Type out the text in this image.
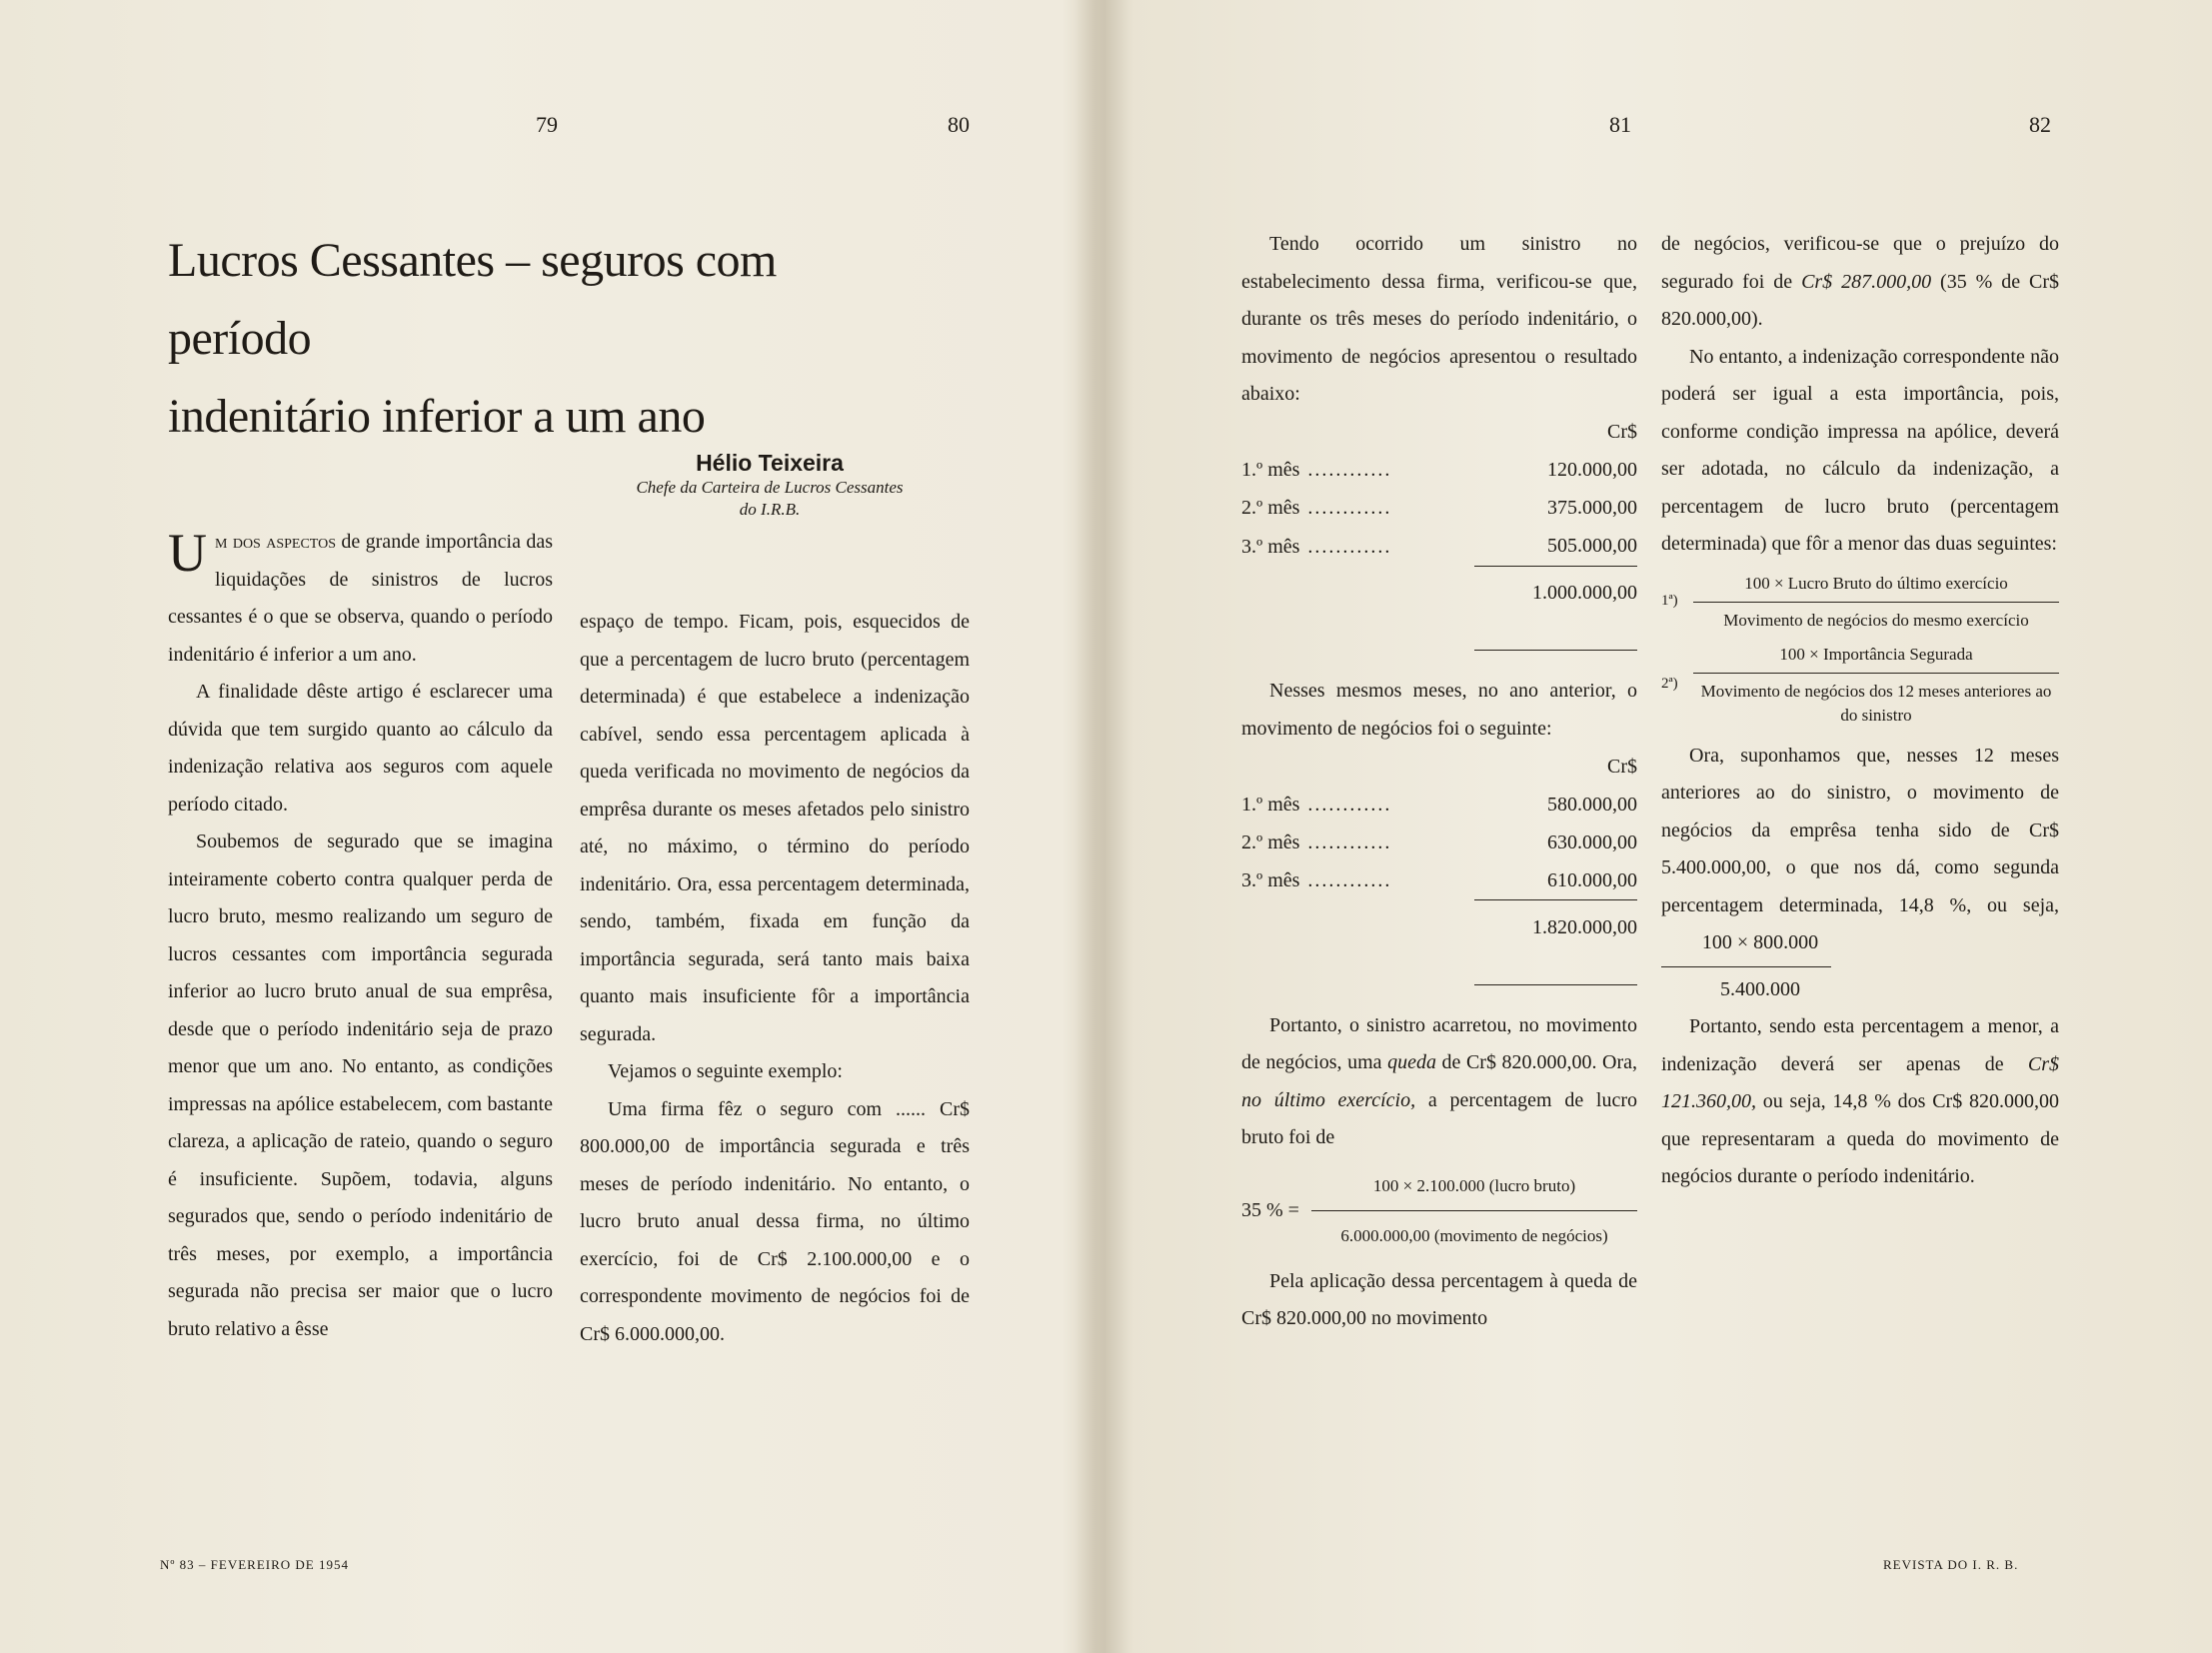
79	80	81	82
Lucros Cessantes – seguros com período
indenitário inferior a um ano
Hélio Teixeira
Chefe da Carteira de Lucros Cessantes
do I.R.B.

Um dos aspectos de grande importância das liquidações de sinistros de lucros cessantes é o que se observa, quando o período indenitário é inferior a um ano.

A finalidade dêste artigo é esclarecer uma dúvida que tem surgido quanto ao cálculo da indenização relativa aos seguros com aquele período citado.

Soubemos de segurado que se imagina inteiramente coberto contra qualquer perda de lucro bruto, mesmo realizando um seguro de lucros cessantes com importância segurada inferior ao lucro bruto anual de sua emprêsa, desde que o período indenitário seja de prazo menor que um ano. No entanto, as condições impressas na apólice estabelecem, com bastante clareza, a aplicação de rateio, quando o seguro é insuficiente. Supõem, todavia, alguns segurados que, sendo o período indenitário de três meses, por exemplo, a importância segurada não precisa ser maior que o lucro bruto relativo a êsse

espaço de tempo. Ficam, pois, esquecidos de que a percentagem de lucro bruto (percentagem determinada) é que estabelece a indenização cabível, sendo essa percentagem aplicada à queda verificada no movimento de negócios da emprêsa durante os meses afetados pelo sinistro até, no máximo, o término do período indenitário. Ora, essa percentagem determinada, sendo, também, fixada em função da importância segurada, será tanto mais baixa quanto mais insuficiente fôr a importância segurada.

Vejamos o seguinte exemplo:

Uma firma fêz o seguro com ...... Cr$ 800.000,00 de importância segurada e três meses de período indenitário. No entanto, o lucro bruto anual dessa firma, no último exercício, foi de Cr$ 2.100.000,00 e o correspondente movimento de negócios foi de Cr$ 6.000.000,00.

Tendo ocorrido um sinistro no estabelecimento dessa firma, verificou-se que, durante os três meses do período indenitário, o movimento de negócios apresentou o resultado abaixo:

	Cr$
1.º mês ............	120.000,00
2.º mês ............	375.000,00
3.º mês ............	505.000,00
	1.000.000,00

Nesses mesmos meses, no ano anterior, o movimento de negócios foi o seguinte:

	Cr$
1.º mês ............	580.000,00
2.º mês ............	630.000,00
3.º mês ............	610.000,00
	1.820.000,00

Portanto, o sinistro acarretou, no movimento de negócios, uma queda de Cr$ 820.000,00. Ora, no último exercício, a percentagem de lucro bruto foi de

35 % = $\frac{\text{100 × 2.100.000 (lucro bruto)}}{\text{6.000.000,00 (movimento de negócios)}}$

Pela aplicação dessa percentagem à queda de Cr$ 820.000,00 no movimento

de negócios, verificou-se que o prejuízo do segurado foi de Cr$ 287.000,00 (35 % de Cr$ 820.000,00).

No entanto, a indenização correspondente não poderá ser igual a esta importância, pois, conforme condição impressa na apólice, deverá ser adotada, no cálculo da indenização, a percentagem de lucro bruto (percentagem determinada) que fôr a menor das duas seguintes:

1ª) $\frac{\text{100 × Lucro Bruto do último exercício}}{\text{Movimento de negócios do mesmo exercício}}$
2ª) $\frac{\text{100 × Importância Segurada}}{\text{Movimento de negócios dos 12 meses anteriores ao do sinistro}}$

Ora, suponhamos que, nesses 12 meses anteriores ao do sinistro, o movimento de negócios da emprêsa tenha sido de Cr$ 5.400.000,00, o que nos dá, como segunda percentagem determinada, 14,8 %, ou seja,
$\frac{100 \times 800.000}{5.400.000}$

Portanto, sendo esta percentagem a menor, a indenização deverá ser apenas de Cr$ 121.360,00, ou seja, 14,8 % dos Cr$ 820.000,00 que representaram a queda do movimento de negócios durante o período indenitário.

Nº 83 – FEVEREIRO DE 1954	REVISTA DO I. R. B.
